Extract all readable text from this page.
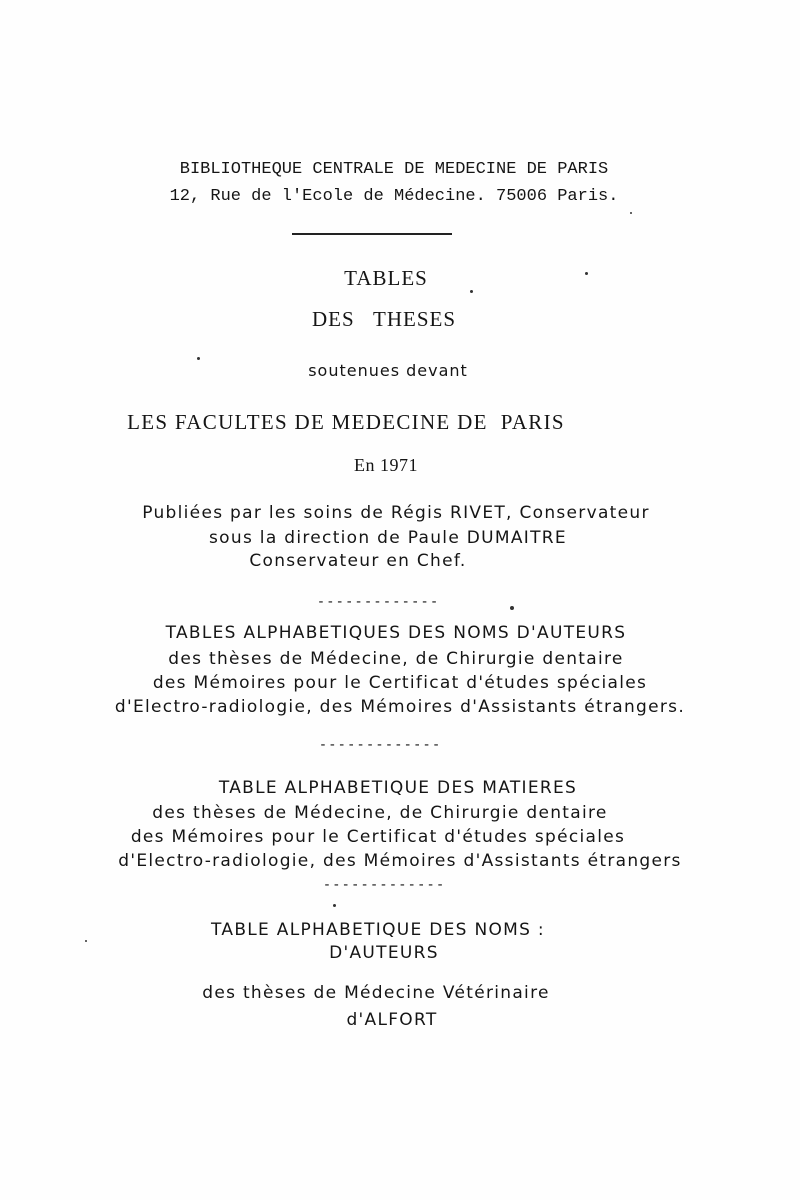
BIBLIOTHEQUE CENTRALE DE MEDECINE DE PARIS
12, Rue de l'Ecole de Médecine. 75006 Paris.
TABLES
DES   THESES
soutenues devant
LES FACULTES DE MEDECINE DE  PARIS
En 1971
Publiées par les soins de Régis RIVET, Conservateur
sous la direction de Paule DUMAITRE
Conservateur en Chef.
-------------
TABLES ALPHABETIQUES DES NOMS D'AUTEURS
des thèses de Médecine, de Chirurgie dentaire
des Mémoires pour le Certificat d'études spéciales
d'Electro-radiologie, des Mémoires d'Assistants étrangers.
-------------
TABLE ALPHABETIQUE DES MATIERES
des thèses de Médecine, de Chirurgie dentaire
des Mémoires pour le Certificat d'études spéciales
d'Electro-radiologie, des Mémoires d'Assistants étrangers
-------------
TABLE ALPHABETIQUE DES NOMS :
D'AUTEURS
des thèses de Médecine Vétérinaire
d'ALFORT
